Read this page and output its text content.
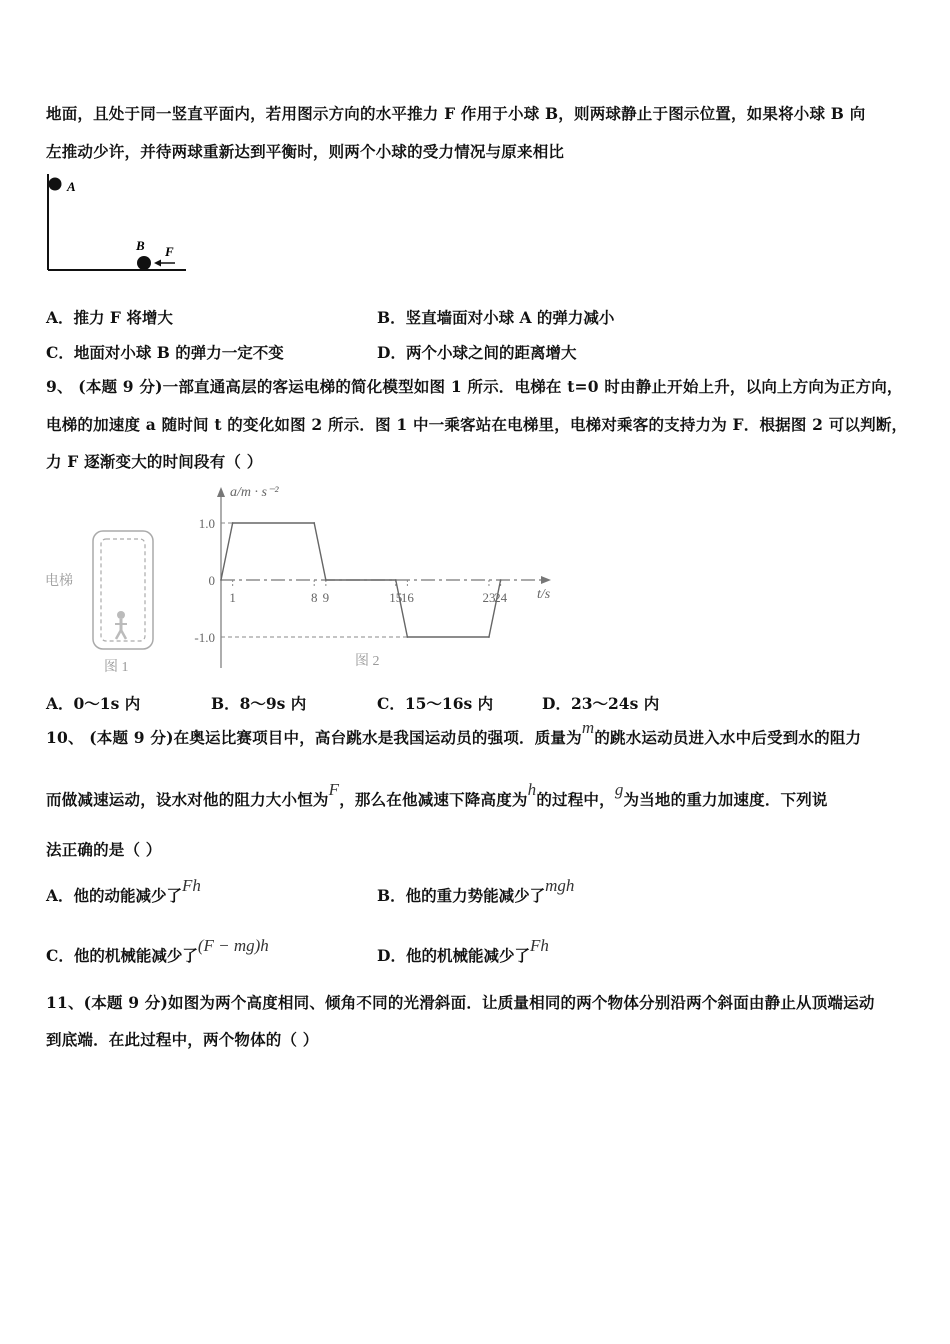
地面，且处于同一竖直平面内，若用图示方向的水平推力 F 作用于小球 B，则两球静止于图示位置，如果将小球 B 向
左推动少许，并待两球重新达到平衡时，则两个小球的受力情况与原来相比
A
B F
A．推力 F 将增大	B．竖直墙面对小球 A 的弹力减小
C．地面对小球 B 的弹力一定不变	D．两个小球之间的距离增大
9、 (本题 9 分)一部直通高层的客运电梯的简化模型如图 1 所示．电梯在 t=0 时由静止开始上升，以向上方向为正方向，
电梯的加速度 a 随时间 t 的变化如图 2 所示．图 1 中一乘客站在电梯里，电梯对乘客的支持力为 F．根据图 2 可以判断，
力 F 逐渐变大的时间段有（ ）
电梯
图 1
a/m · s⁻²
t/s
图 2
1	8 9	15
16	23
24
1.0
0
-1.0
A．0～1s 内	B．8～9s 内	C．15～16s 内	D．23～24s 内
10、 (本题 9 分)在奥运比赛项目中，高台跳水是我国运动员的强项．质量为m的跳水运动员进入水中后受到水的阻力
而做减速运动，设水对他的阻力大小恒为F，那么在他减速下降高度为h的过程中，g为当地的重力加速度．下列说
法正确的是（ ）
A．他的动能减少了Fh
B．他的重力势能减少了mgh
C．他的机械能减少了(F − mg)h
D．他的机械能减少了Fh
11、(本题 9 分)如图为两个高度相同、倾角不同的光滑斜面．让质量相同的两个物体分别沿两个斜面由静止从顶端运动
到底端．在此过程中，两个物体的（ ）
